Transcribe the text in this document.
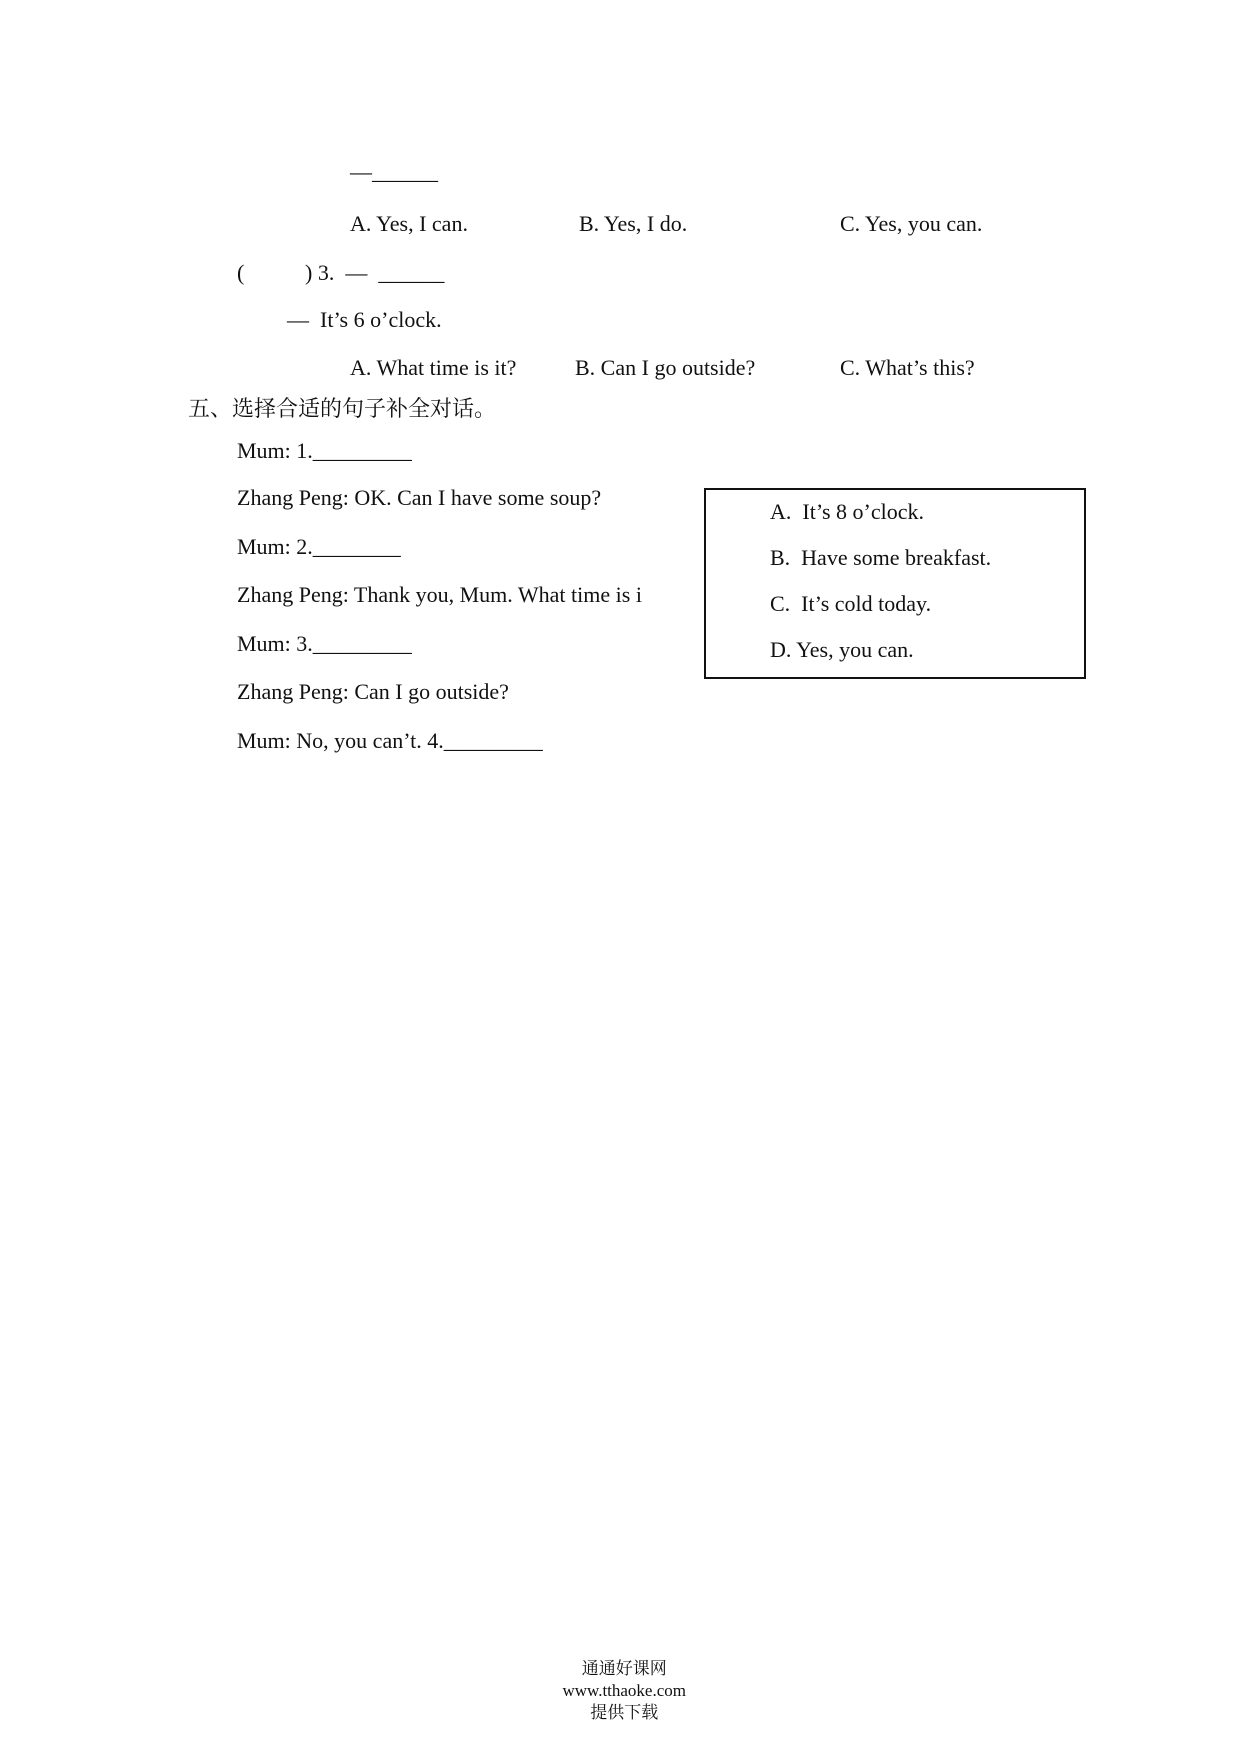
—______
A. Yes, I can.	B. Yes, I do.	C. Yes, you can.
(	) 3.  —  ______
—  It’s 6 o’clock.
A. What time is it?	B. Can I go outside?	C. What’s this?
五、选择合适的句子补全对话。
Mum: 1._________
Zhang Peng: OK. Can I have some soup?
Mum: 2.________
Zhang Peng: Thank you, Mum. What time is i
Mum: 3._________
Zhang Peng: Can I go outside?
Mum: No, you can’t. 4._________
A.  It’s 8 o’clock.
B.  Have some breakfast.
C.  It’s cold today.
D. Yes, you can.

通通好课网
www.tthaoke.com
提供下载
